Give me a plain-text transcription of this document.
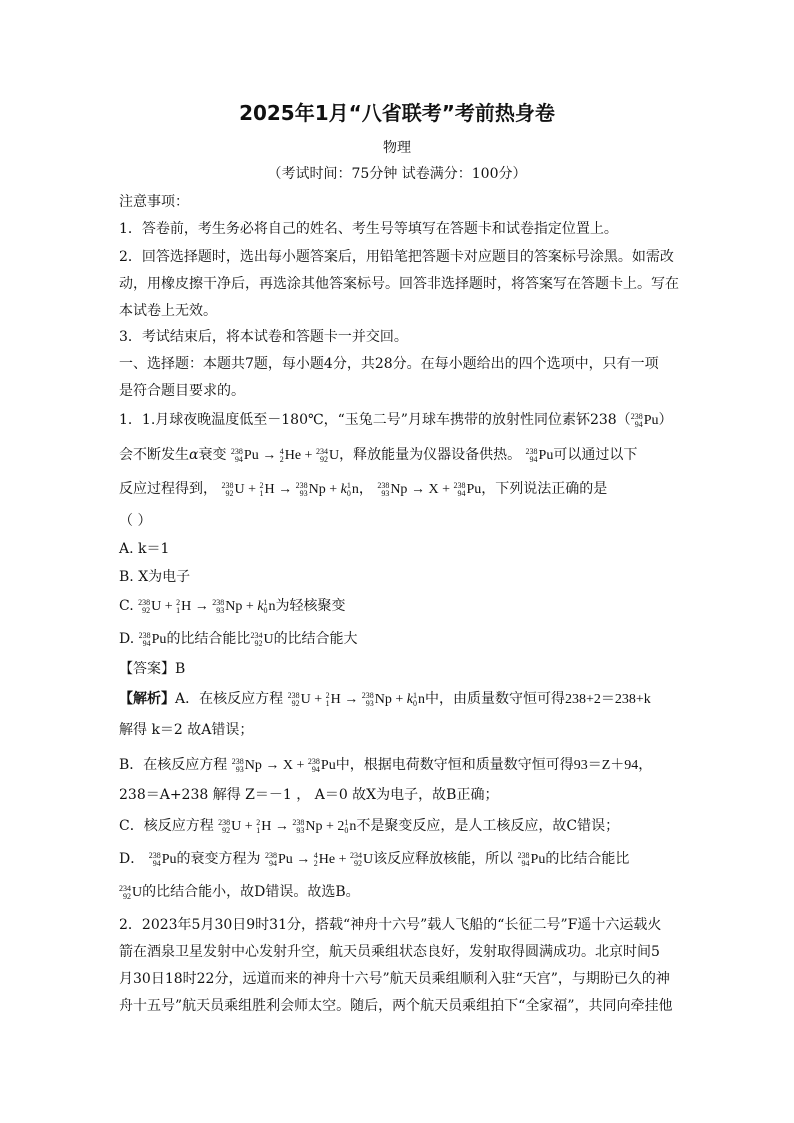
2025年1月“八省联考”考前热身卷
物理
（考试时间：75分钟 试卷满分：100分）
注意事项：
1．答卷前，考生务必将自己的姓名、考生号等填写在答题卡和试卷指定位置上。
2．回答选择题时，选出每小题答案后，用铅笔把答题卡对应题目的答案标号涂黑。如需改
动，用橡皮擦干净后，再选涂其他答案标号。回答非选择题时，将答案写在答题卡上。写在
本试卷上无效。
3．考试结束后，将本试卷和答题卡一并交回。
一、选择题：本题共7题，每小题4分，共28分。在每小题给出的四个选项中，只有一项
是符合题目要求的。
1．1.月球夜晚温度低至－180℃，“玉兔二号”月球车携带的放射性同位素钚238（ 238
94 Pu）
会不断发生α衰变 238
94 Pu → 4
2 He + 234
92 U，释放能量为仪器设备供热。 238
94 Pu可以通过以下
反应过程得到， 238
92 U + 2
1 H → 238
93 Np + k 1
0 n， 238
93 Np → X + 238
94 Pu，下列说法正确的是
（ ）
A. k＝1
B. X为电子
C. 238
92 U + 2
1 H → 238
93 Np + k 1
0 n为轻核聚变
D. 238
94 Pu的比结合能比 234
92 U的比结合能大
【答案】B
【解析】A．在核反应方程 238
92 U + 2
1 H → 238
93 Np + k 1
0 n中，由质量数守恒可得238+2＝238+k
解得 k＝2 故A错误；
B．在核反应方程 238
93 Np → X + 238
94 Pu中，根据电荷数守恒和质量数守恒可得93＝Z＋94，
238＝A+238 解得 Z＝－1 ， A＝0 故X为电子，故B正确；
C．核反应方程 238
92 U + 2
1 H → 238
93 Np + 2 1
0 n不是聚变反应，是人工核反应，故C错误；
D． 238
94 Pu的衰变方程为 238
94 Pu → 4
2 He + 234
92 U该反应释放核能，所以 238
94 Pu的比结合能比
234
92 U的比结合能小，故D错误。故选B。
2．2023年5月30日9时31分，搭载“神舟十六号”载人飞船的“长征二号”F遥十六运载火
箭在酒泉卫星发射中心发射升空，航天员乘组状态良好，发射取得圆满成功。北京时间5
月30日18时22分，远道而来的神舟十六号”航天员乘组顺利入驻“天宫”，与期盼已久的神
舟十五号”航天员乘组胜利会师太空。随后，两个航天员乘组拍下“全家福”，共同向牵挂他
